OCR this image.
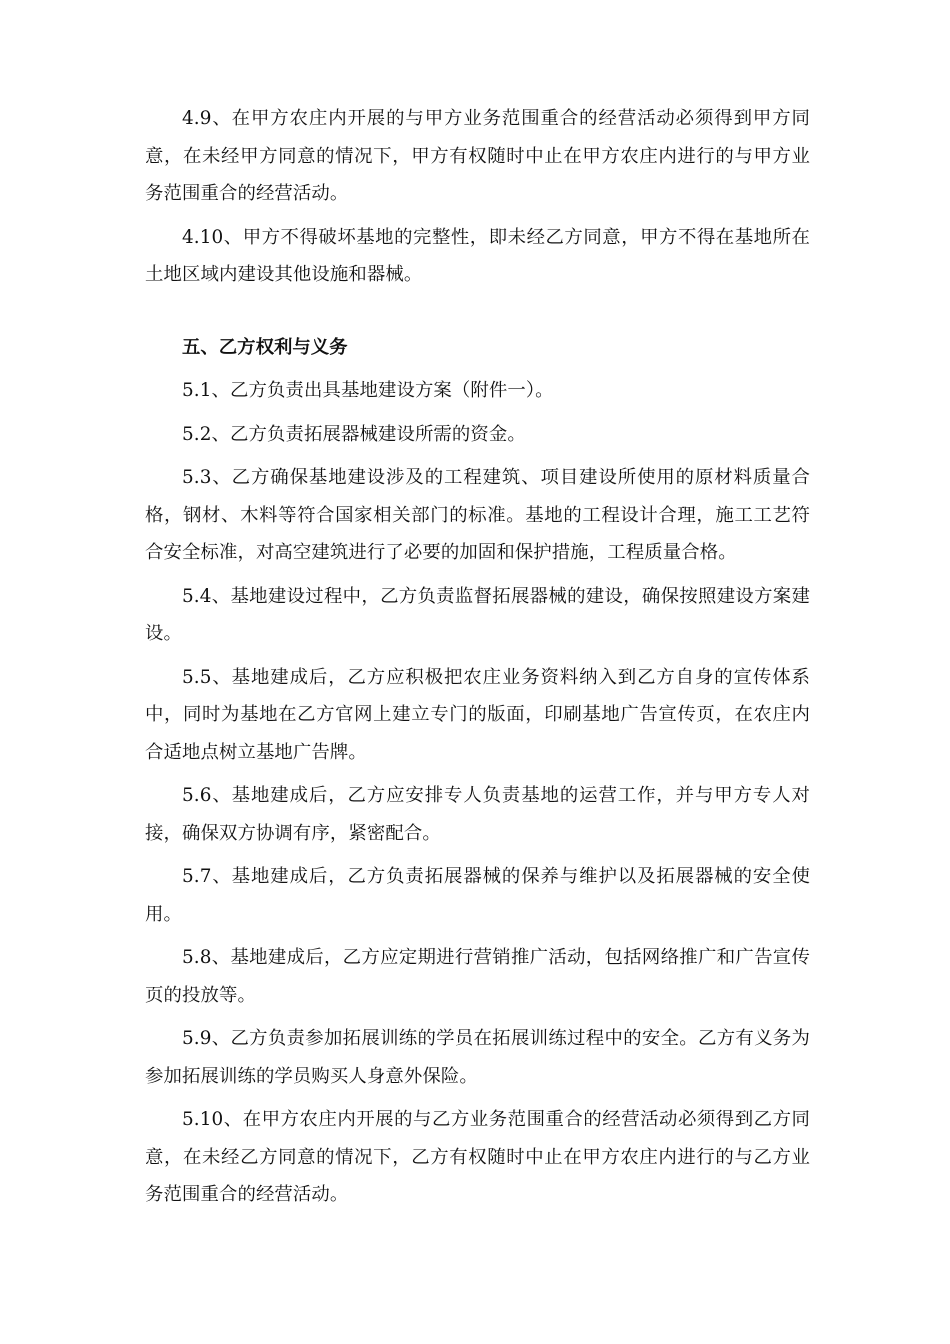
4.9、在甲方农庄内开展的与甲方业务范围重合的经营活动必须得到甲方同意，在未经甲方同意的情况下，甲方有权随时中止在甲方农庄内进行的与甲方业务范围重合的经营活动。

4.10、甲方不得破坏基地的完整性，即未经乙方同意，甲方不得在基地所在土地区域内建设其他设施和器械。

五、乙方权利与义务

5.1、乙方负责出具基地建设方案（附件一）。

5.2、乙方负责拓展器械建设所需的资金。

5.3、乙方确保基地建设涉及的工程建筑、项目建设所使用的原材料质量合格，钢材、木料等符合国家相关部门的标准。基地的工程设计合理，施工工艺符合安全标准，对高空建筑进行了必要的加固和保护措施，工程质量合格。

5.4、基地建设过程中，乙方负责监督拓展器械的建设，确保按照建设方案建设。

5.5、基地建成后，乙方应积极把农庄业务资料纳入到乙方自身的宣传体系中，同时为基地在乙方官网上建立专门的版面，印刷基地广告宣传页，在农庄内合适地点树立基地广告牌。

5.6、基地建成后，乙方应安排专人负责基地的运营工作，并与甲方专人对接，确保双方协调有序，紧密配合。

5.7、基地建成后，乙方负责拓展器械的保养与维护以及拓展器械的安全使用。

5.8、基地建成后，乙方应定期进行营销推广活动，包括网络推广和广告宣传页的投放等。

5.9、乙方负责参加拓展训练的学员在拓展训练过程中的安全。乙方有义务为参加拓展训练的学员购买人身意外保险。

5.10、在甲方农庄内开展的与乙方业务范围重合的经营活动必须得到乙方同意，在未经乙方同意的情况下，乙方有权随时中止在甲方农庄内进行的与乙方业务范围重合的经营活动。
